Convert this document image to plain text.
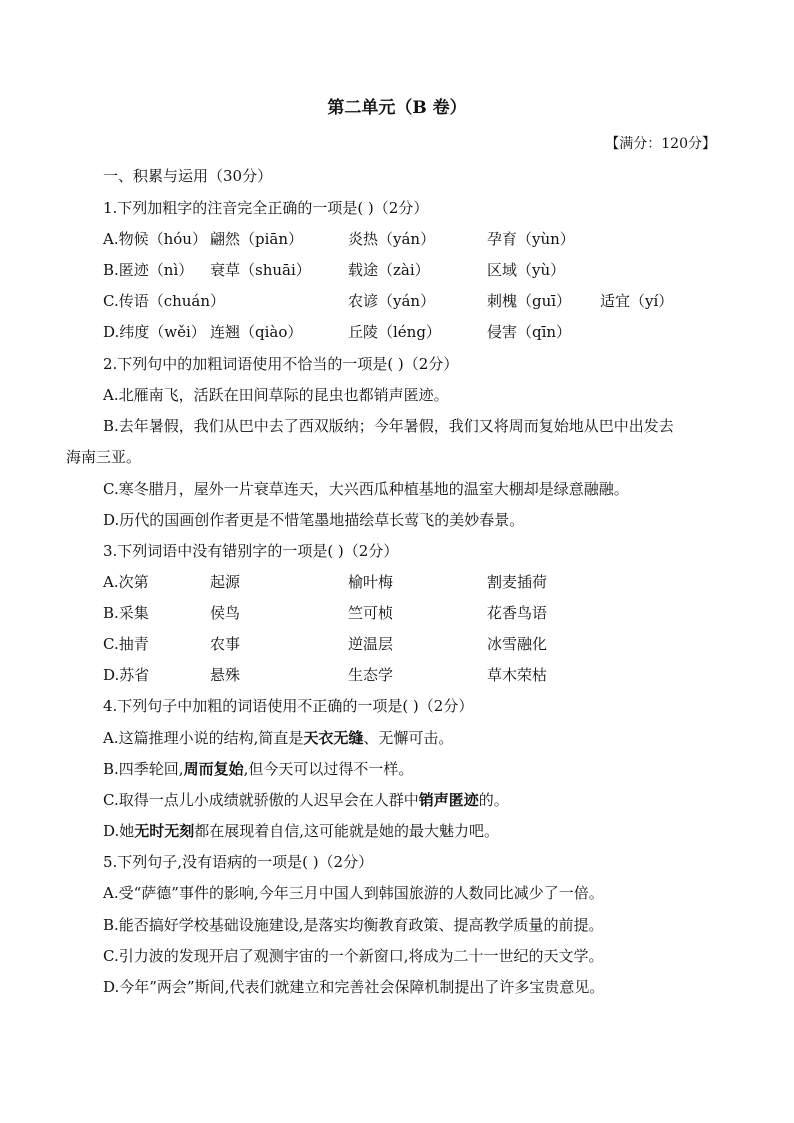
第二单元（B 卷）
【满分：120分】
一、积累与运用（30分）
1.下列加粗字的注音完全正确的一项是( )（2分）
A.物候（hóu） 翩然（piān）	炎热（yán）	孕育（yùn）
B.匿迹（nì） 衰草（shuāi） 载途（zài）	区域（yù）
C.传语（chuán）	农谚（yán）	刺槐（guī） 适宜（yí）
D.纬度（wěi） 连翘（qiào）	丘陵（léng）	侵害（qīn）
2.下列句中的加粗词语使用不恰当的一项是( )（2分）
A.北雁南飞，活跃在田间草际的昆虫也都销声匿迹。
B.去年暑假，我们从巴中去了西双版纳；今年暑假，我们又将周而复始地从巴中出发去
海南三亚。
C.寒冬腊月，屋外一片衰草连天，大兴西瓜种植基地的温室大棚却是绿意融融。
D.历代的国画创作者更是不惜笔墨地描绘草长莺飞的美妙春景。
3.下列词语中没有错别字的一项是( )（2分）
A.次第	起源	榆叶梅	割麦插荷
B.采集	侯鸟	竺可桢	花香鸟语
C.抽青	农事	逆温层	冰雪融化
D.苏省	悬殊	生态学	草木荣枯
4.下列句子中加粗的词语使用不正确的一项是( )（2分）
A.这篇推理小说的结构,简直是天衣无缝、无懈可击。
B.四季轮回,周而复始,但今天可以过得不一样。
C.取得一点儿小成绩就骄傲的人迟早会在人群中销声匿迹的。
D.她无时无刻都在展现着自信,这可能就是她的最大魅力吧。
5.下列句子,没有语病的一项是( )（2分）
A.受“萨德”事件的影响,今年三月中国人到韩国旅游的人数同比减少了一倍。
B.能否搞好学校基础设施建设,是落实均衡教育政策、提高教学质量的前提。
C.引力波的发现开启了观测宇宙的一个新窗口,将成为二十一世纪的天文学。
D.今年”两会”斯间,代表们就建立和完善社会保障机制提出了许多宝贵意见。
